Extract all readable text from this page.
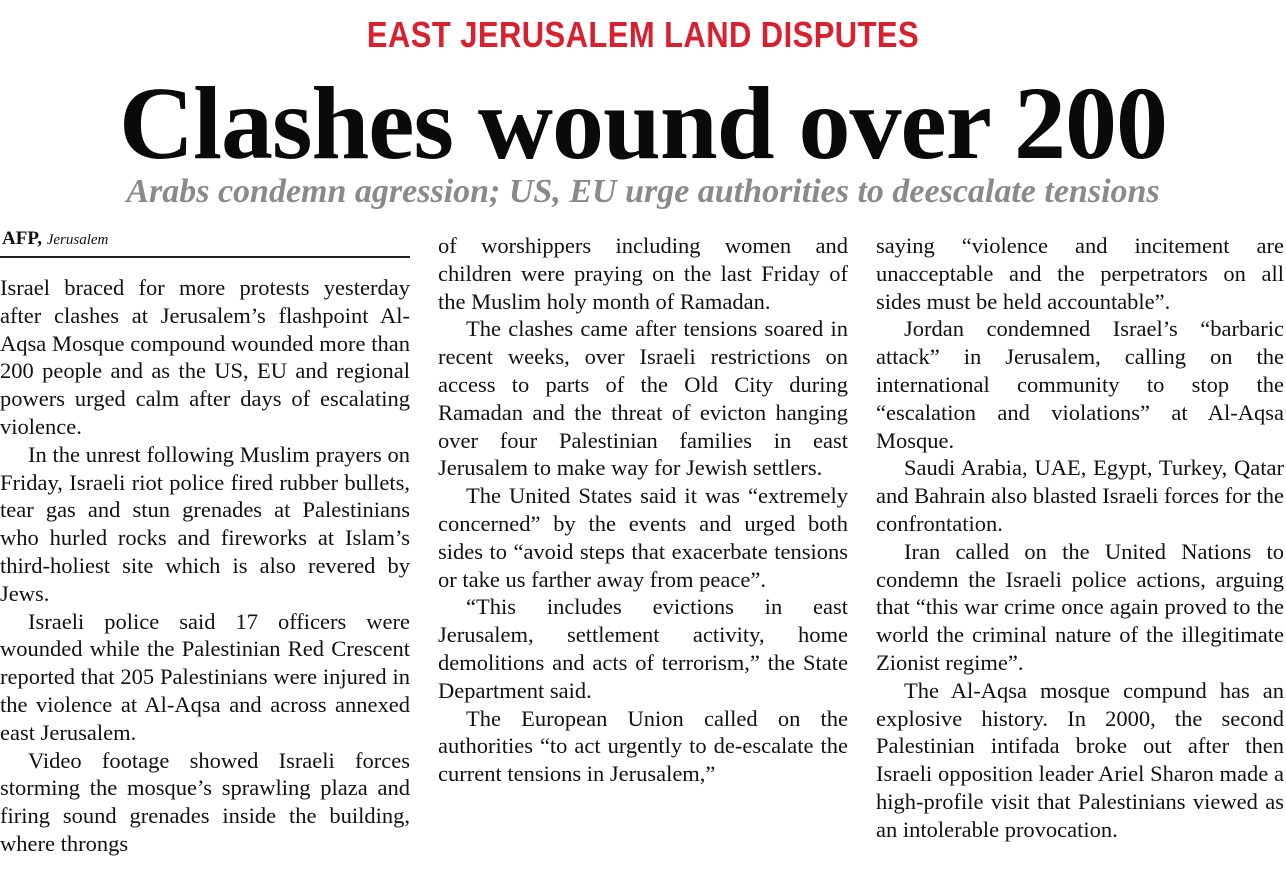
EAST JERUSALEM LAND DISPUTES
Clashes wound over 200
Arabs condemn agression; US, EU urge authorities to deescalate tensions
AFP, Jerusalem

Israel braced for more protests yesterday after clashes at Jerusalem’s flashpoint Al-Aqsa Mosque compound wounded more than 200 people and as the US, EU and regional powers urged calm after days of escalating violence.

In the unrest following Muslim prayers on Friday, Israeli riot police fired rubber bullets, tear gas and stun grenades at Palestinians who hurled rocks and fireworks at Islam’s third-holiest site which is also revered by Jews.

Israeli police said 17 officers were wounded while the Palestinian Red Crescent reported that 205 Palestinians were injured in the violence at Al-Aqsa and across annexed east Jerusalem.

Video footage showed Israeli forces storming the mosque’s sprawling plaza and firing sound grenades inside the building, where throngs

of worshippers including women and children were praying on the last Friday of the Muslim holy month of Ramadan.

The clashes came after tensions soared in recent weeks, over Israeli restrictions on access to parts of the Old City during Ramadan and the threat of evicton hanging over four Palestinian families in east Jerusalem to make way for Jewish settlers.

The United States said it was “extremely concerned” by the events and urged both sides to “avoid steps that exacerbate tensions or take us farther away from peace”.

“This includes evictions in east Jerusalem, settlement activity, home demolitions and acts of terrorism,” the State Department said.

The European Union called on the authorities “to act urgently to de-escalate the current tensions in Jerusalem,”

saying “violence and incitement are unacceptable and the perpetrators on all sides must be held accountable”.

Jordan condemned Israel’s “barbaric attack” in Jerusalem, calling on the international community to stop the “escalation and violations” at Al-Aqsa Mosque.

Saudi Arabia, UAE, Egypt, Turkey, Qatar and Bahrain also blasted Israeli forces for the confrontation.

Iran called on the United Nations to condemn the Israeli police actions, arguing that “this war crime once again proved to the world the criminal nature of the illegitimate Zionist regime”.

The Al-Aqsa mosque compund has an explosive history. In 2000, the second Palestinian intifada broke out after then Israeli opposition leader Ariel Sharon made a high-profile visit that Palestinians viewed as an intolerable provocation.
